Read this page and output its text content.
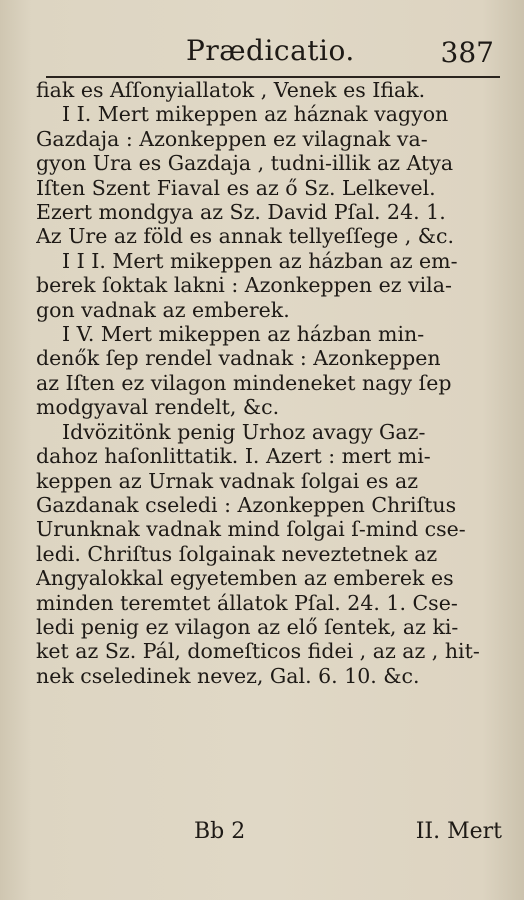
Prædicatio.	387
fiak es Aſſonyiallatok , Venek es Ifiak.
I I. Mert mikeppen az háznak vagyon
Gazdaja : Azonkeppen ez vilagnak va-
gyon Ura es Gazdaja , tudni-illik az Atya
Iſten Szent Fiaval es az ő Sz. Lelkevel.
Ezert mondgya az Sz. David Pſal. 24. 1.
Az Ure az föld es annak tellyeſſege , &c.
I I I. Mert mikeppen az házban az em-
berek ſoktak lakni : Azonkeppen ez vila-
gon vadnak az emberek.
I V. Mert mikeppen az házban min-
denők ſep rendel vadnak : Azonkeppen
az Iſten ez vilagon mindeneket nagy ſep
modgyaval rendelt, &c.
Idvözitönk penig Urhoz avagy Gaz-
dahoz haſonlittatik. I. Azert : mert mi-
keppen az Urnak vadnak ſolgai es az
Gazdanak cseledi : Azonkeppen Chriſtus
Urunknak vadnak mind ſolgai ſ-mind cse-
ledi. Chriſtus ſolgainak neveztetnek az
Angyalokkal egyetemben az emberek es
minden teremtet állatok Pſal. 24. 1. Cse-
ledi penig ez vilagon az elő ſentek, az ki-
ket az Sz. Pál, domeſticos fidei , az az , hit-
nek cseledinek nevez, Gal. 6. 10. &c.
Bb 2	II. Mert
